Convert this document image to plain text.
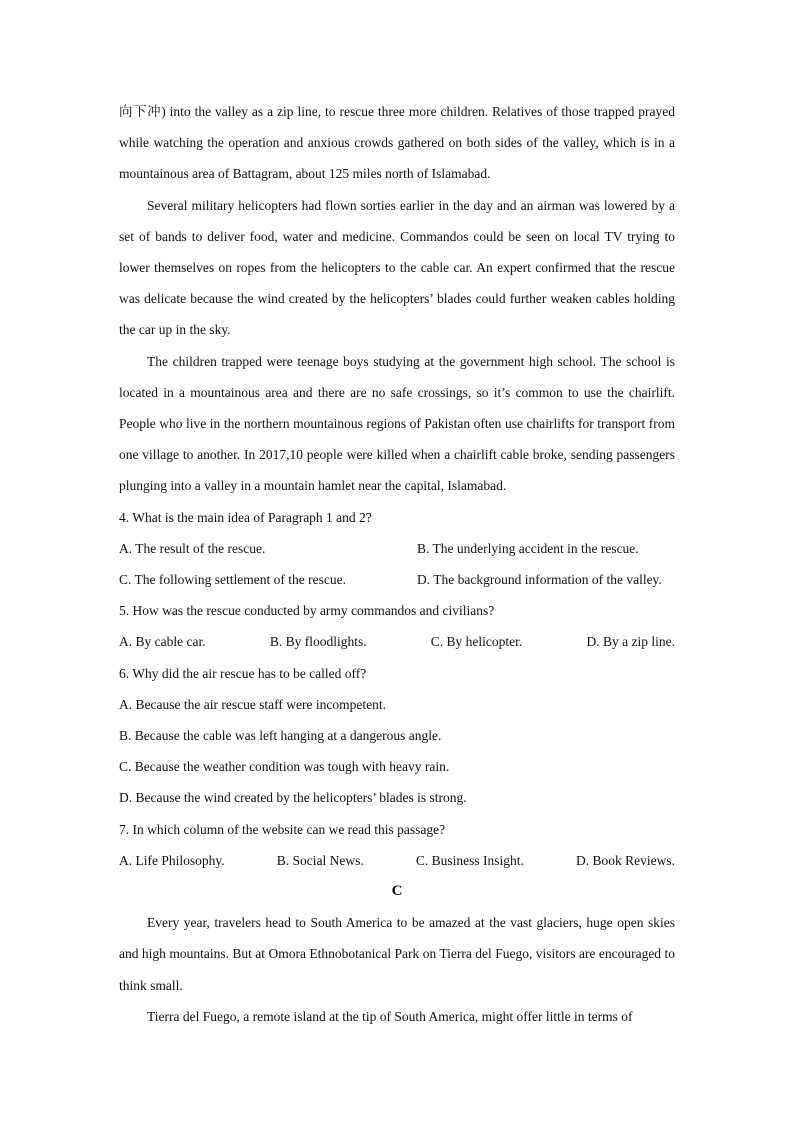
向下冲) into the valley as a zip line, to rescue three more children. Relatives of those trapped prayed while watching the operation and anxious crowds gathered on both sides of the valley, which is in a mountainous area of Battagram, about 125 miles north of Islamabad.

Several military helicopters had flown sorties earlier in the day and an airman was lowered by a set of bands to deliver food, water and medicine. Commandos could be seen on local TV trying to lower themselves on ropes from the helicopters to the cable car. An expert confirmed that the rescue was delicate because the wind created by the helicopters’ blades could further weaken cables holding the car up in the sky.

The children trapped were teenage boys studying at the government high school. The school is located in a mountainous area and there are no safe crossings, so it’s common to use the chairlift. People who live in the northern mountainous regions of Pakistan often use chairlifts for transport from one village to another. In 2017,10 people were killed when a chairlift cable broke, sending passengers plunging into a valley in a mountain hamlet near the capital, Islamabad.

4. What is the main idea of Paragraph 1 and 2?

A. The result of the rescue.	B. The underlying accident in the rescue.
C. The following settlement of the rescue.	D. The background information of the valley.

5. How was the rescue conducted by army commandos and civilians?

A. By cable car.	B. By floodlights.	C. By helicopter.	D. By a zip line.

6. Why did the air rescue has to be called off?

A. Because the air rescue staff were incompetent.

B. Because the cable was left hanging at a dangerous angle.

C. Because the weather condition was tough with heavy rain.

D. Because the wind created by the helicopters’ blades is strong.

7. In which column of the website can we read this passage?

A. Life Philosophy.	B. Social News.	C. Business Insight.	D. Book Reviews.

C

Every year, travelers head to South America to be amazed at the vast glaciers, huge open skies and high mountains. But at Omora Ethnobotanical Park on Tierra del Fuego, visitors are encouraged to think small.

Tierra del Fuego, a remote island at the tip of South America, might offer little in terms of
